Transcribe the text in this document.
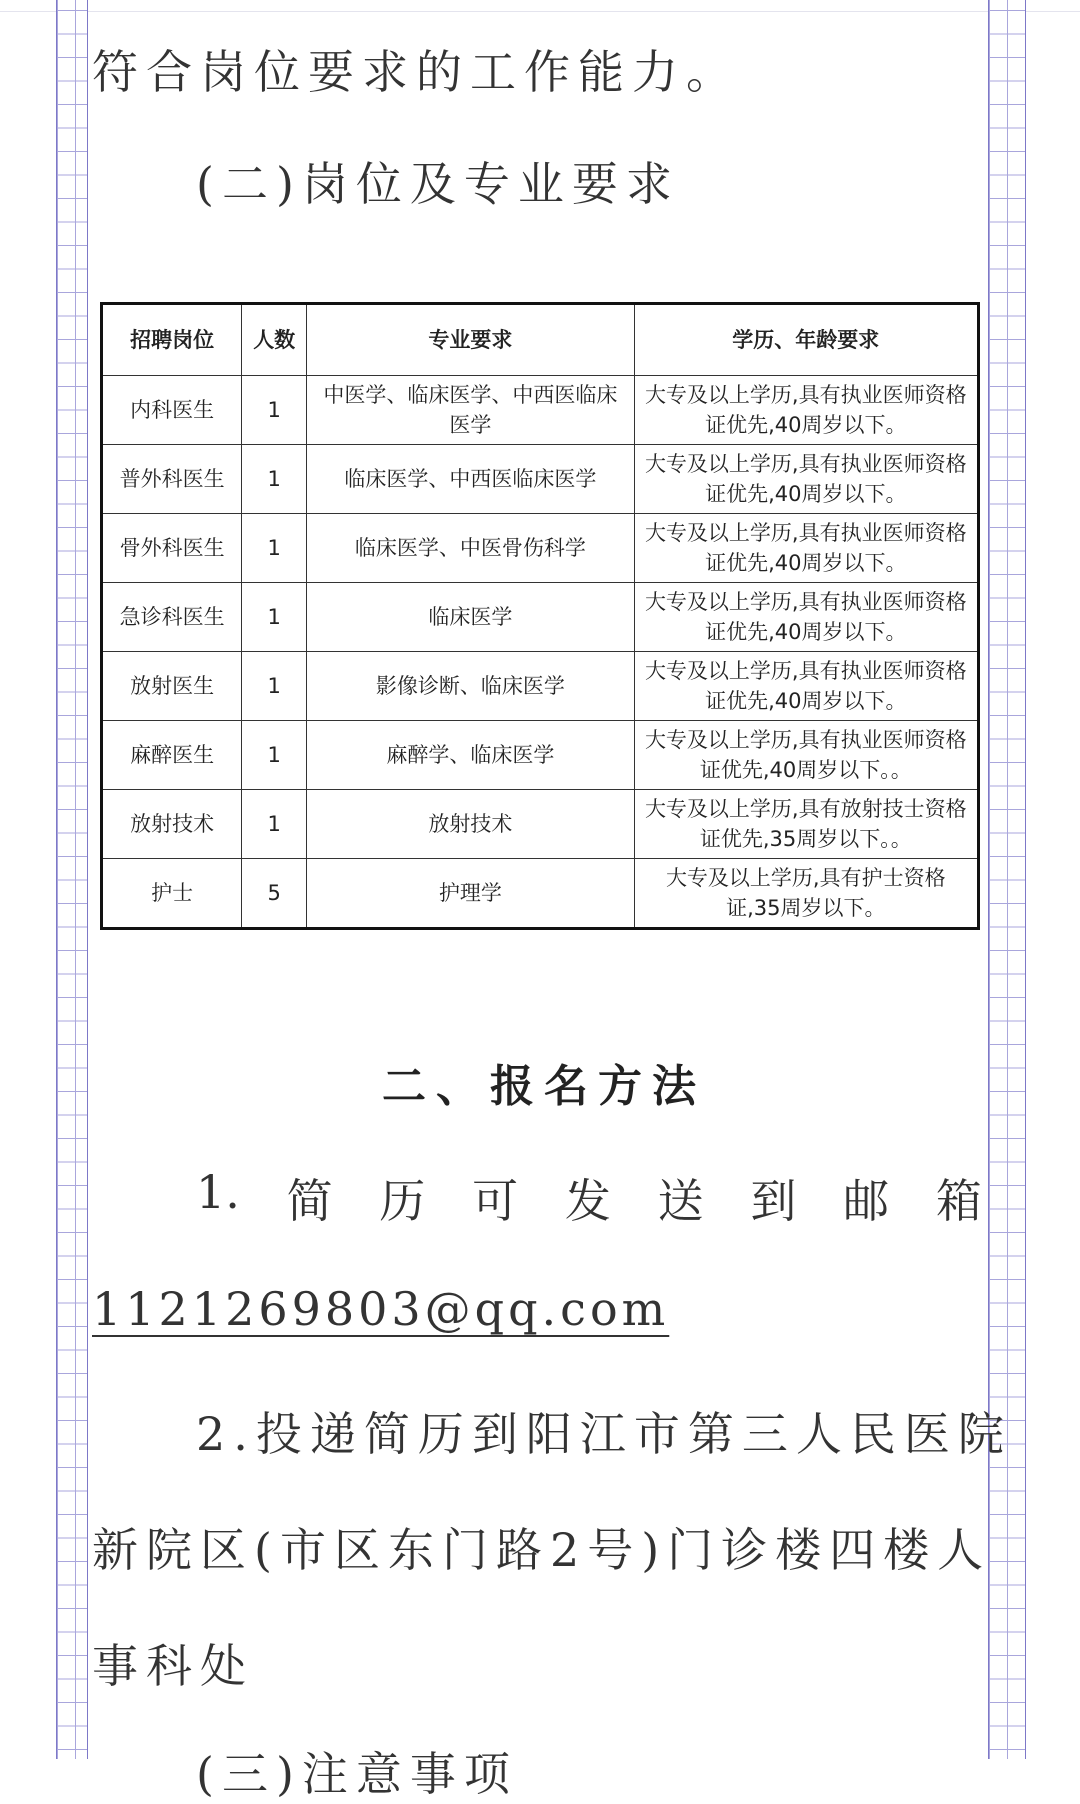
符合岗位要求的工作能力。

(二)岗位及专业要求

招聘岗位	人数	专业要求	学历、年龄要求
内科医生	1	中医学、临床医学、中西医临床医学	大专及以上学历,具有执业医师资格证优先,40周岁以下。
普外科医生	1	临床医学、中西医临床医学	大专及以上学历,具有执业医师资格证优先,40周岁以下。
骨外科医生	1	临床医学、中医骨伤科学	大专及以上学历,具有执业医师资格证优先,40周岁以下。
急诊科医生	1	临床医学	大专及以上学历,具有执业医师资格证优先,40周岁以下。
放射医生	1	影像诊断、临床医学	大专及以上学历,具有执业医师资格证优先,40周岁以下。
麻醉医生	1	麻醉学、临床医学	大专及以上学历,具有执业医师资格证优先,40周岁以下。。
放射技术	1	放射技术	大专及以上学历,具有放射技士资格证优先,35周岁以下。。
护士	5	护理学	大专及以上学历,具有护士资格证,35周岁以下。

二、报名方法

1. 简 历 可 发 送 到 邮 箱

1121269803@qq.com

2.投递简历到阳江市第三人民医院

新院区(市区东门路2号)门诊楼四楼人

事科处

(三)注意事项
